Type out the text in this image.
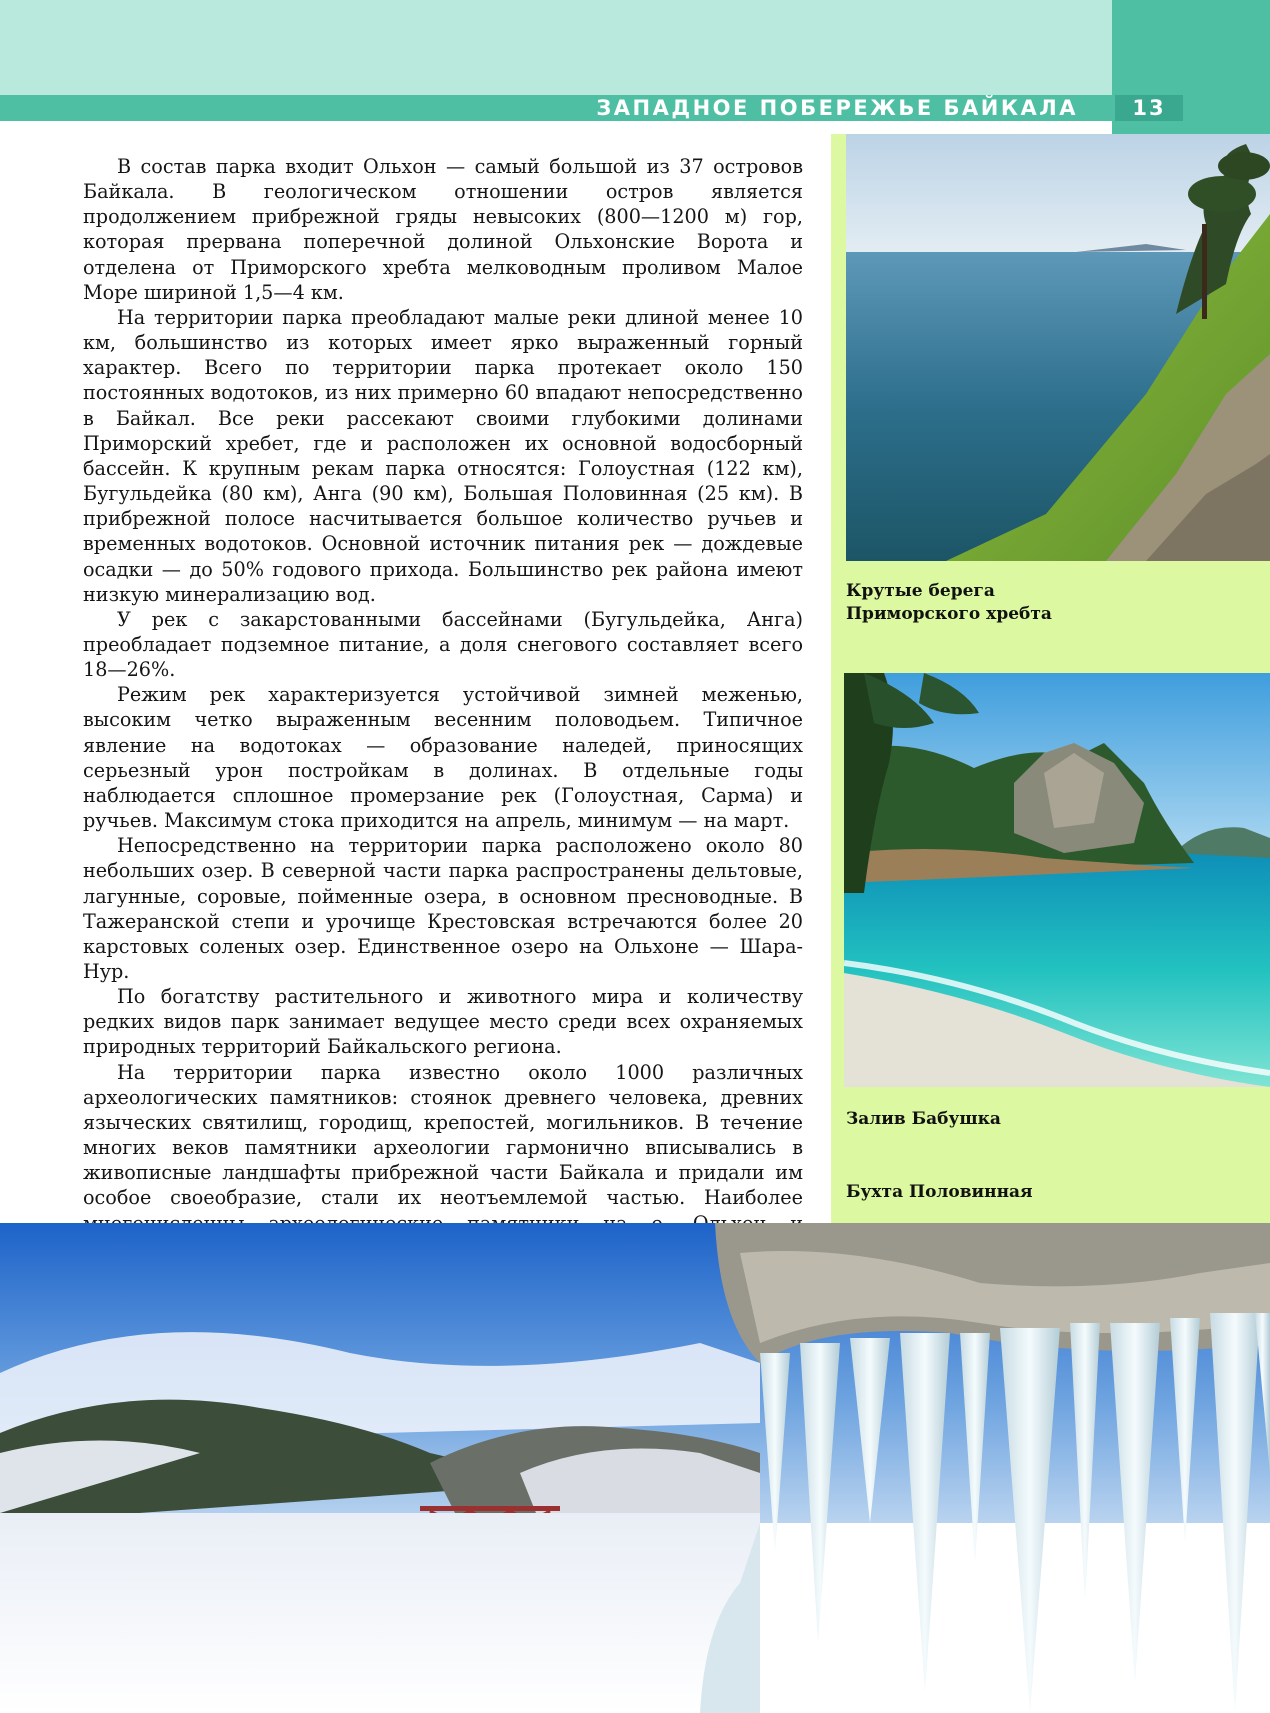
ЗАПАДНОЕ ПОБЕРЕЖЬЕ БАЙКАЛА	13

В состав парка входит Ольхон — самый большой из 37 островов Байкала. В геологическом отношении остров является продолжением прибрежной гряды невысоких (800—1200 м) гор, которая прервана поперечной долиной Ольхонские Ворота и отделена от Приморского хребта мелководным проливом Малое Море шириной 1,5—4 км.

На территории парка преобладают малые реки длиной менее 10 км, большинство из которых имеет ярко выраженный горный характер. Всего по территории парка протекает около 150 постоянных водотоков, из них примерно 60 впадают непосредственно в Байкал. Все реки рассекают своими глубокими долинами Приморский хребет, где и расположен их основной водосборный бассейн. К крупным рекам парка относятся: Голоустная (122 км), Бугульдейка (80 км), Анга (90 км), Большая Половинная (25 км). В прибрежной полосе насчитывается большое количество ручьев и временных водотоков. Основной источник питания рек — дождевые осадки — до 50% годового прихода. Большинство рек района имеют низкую минерализацию вод.

У рек с закарстованными бассейнами (Бугульдейка, Анга) преобладает подземное питание, а доля снегового составляет всего 18—26%.

Режим рек характеризуется устойчивой зимней меженью, высоким четко выраженным весенним половодьем. Типичное явление на водотоках — образование наледей, приносящих серьезный урон постройкам в долинах. В отдельные годы наблюдается сплошное промерзание рек (Голоустная, Сарма) и ручьев. Максимум стока приходится на апрель, минимум — на март.

Непосредственно на территории парка расположено около 80 небольших озер. В северной части парка распространены дельтовые, лагунные, соровые, пойменные озера, в основном пресноводные. В Тажеранской степи и урочище Крестовская встречаются более 20 карстовых соленых озер. Единственное озеро на Ольхоне — Шара-Нур.

По богатству растительного и животного мира и количеству редких видов парк занимает ведущее место среди всех охраняемых природных территорий Байкальского региона.

На территории парка известно около 1000 различных археологических памятников: стоянок древнего человека, древних языческих святилищ, городищ, крепостей, могильников. В течение многих веков памятники археологии гармонично вписывались в живописные ландшафты прибрежной части Байкала и придали им особое своеобразие, стали их неотъемлемой частью. Наиболее

Крутые берега
Приморского хребта
Залив Бабушка
Бухта Половинная
